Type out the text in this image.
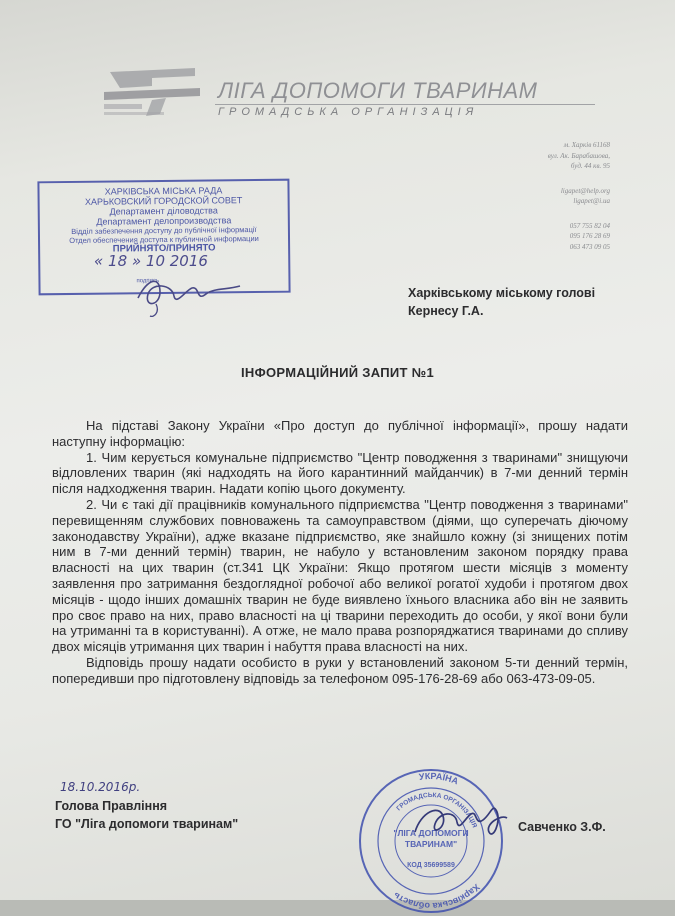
ЛІГА ДОПОМОГИ ТВАРИНАМ
ГРОМАДСЬКА ОРГАНІЗАЦІЯ
м. Харків 61168
вул. Ак. Барабашова,
буд. 44 кв. 95
ligapet@help.org
ligapet@i.ua
057 755 82 04
095 176 28 69
063 473 09 05
ХАРКІВСЬКА МІСЬКА РАДА
ХАРЬКОВСКИЙ ГОРОДСКОЙ СОВЕТ
Департамент діловодства
Департамент делопроизводства
Відділ забезпечення доступу до публічної інформації
Отдел обеспечения доступа к публичной информации
ПРИЙНЯТО/ПРИНЯТО
подпись
« 18 » 10 2016
Харківському міському голові
Кернесу Г.А.
ІНФОРМАЦІЙНИЙ ЗАПИТ №1

На підставі Закону України «Про доступ до публічної інформації», прошу надати наступну інформацію:

1. Чим керується комунальне підприємство "Центр поводження з тваринами" знищуючи відловлених тварин (які надходять на його карантинний майданчик) в 7-ми денний термін після надходження тварин. Надати копію цього документу.

2. Чи є такі дії працівників комунального підприємства "Центр поводження з тваринами" перевищенням службових повноважень та самоуправством (діями, що суперечать діючому законодавству України), адже вказане підприємство, яке знайшло кожну (зі знищених потім ним в 7-ми денний термін) тварин, не набуло у встановленим законом порядку права власності на цих тварин (ст.341 ЦК України: Якщо протягом шести місяців з моменту заявлення про затримання бездоглядної робочої або великої рогатої худоби і протягом двох місяців - щодо інших домашніх тварин не буде виявлено їхнього власника або він не заявить про своє право на них, право власності на ці тварини переходить до особи, у якої вони були на утриманні та в користуванні). А отже, не мало права розпоряджатися тваринами до спливу двох місяців утримання цих тварин і набуття права власності на них.

Відповідь прошу надати особисто в руки у встановлений законом 5-ти денний термін, попередивши про підготовлену відповідь за телефоном 095-176-28-69 або 063-473-09-05.

18.10.2016р.
Голова Правління
ГО "Ліга допомоги тваринам"
УКРАЇНА
Харківська область
ГРОМАДСЬКА ОРГАНІЗАЦІЯ
"ЛІГА ДОПОМОГИ
ТВАРИНАМ"
КОД 35699589
Савченко З.Ф.
